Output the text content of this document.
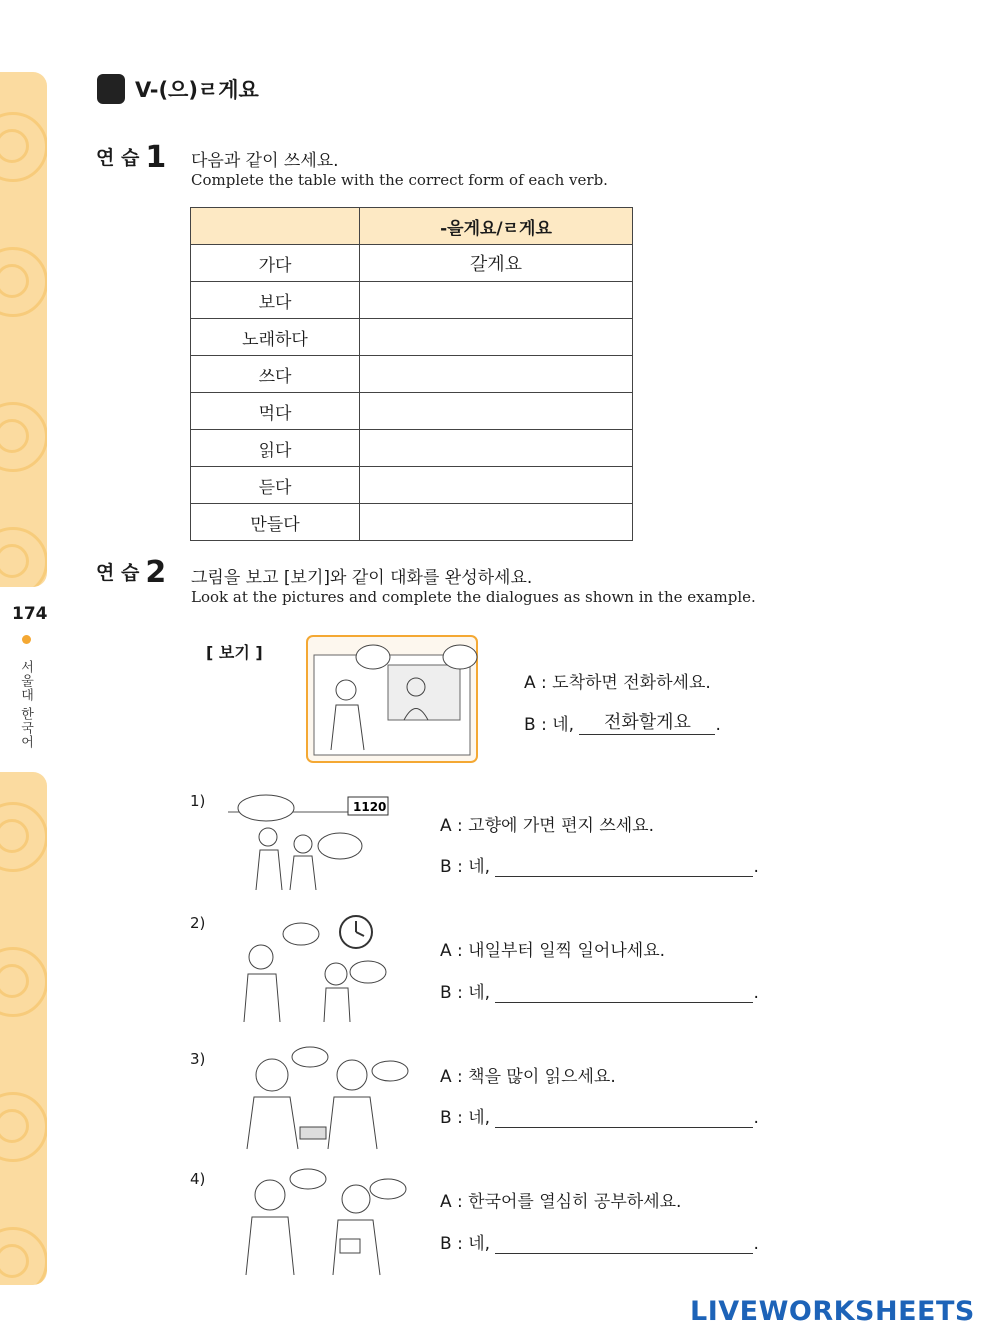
174
서울대 한국어
V-(으)ㄹ게요
연 습 1 다음과 같이 쓰세요.
Complete the table with the correct form of each verb.
	-을게요/ㄹ게요
가다	갈게요
보다	
노래하다	
쓰다	
먹다	
읽다	
듣다	
만들다	
연 습 2 그림을 보고 [보기]와 같이 대화를 완성하세요.
Look at the pictures and complete the dialogues as shown in the example.
[ 보기 ]
A : 도착하면 전화하세요.
B : 네, 전화할게요 .
1)	1120
A : 고향에 가면 편지 쓰세요.
B : 네,	.
2)
A : 내일부터 일찍 일어나세요.
B : 네,	.
3)
A : 책을 많이 읽으세요.
B : 네,	.
4)
A : 한국어를 열심히 공부하세요.
B : 네,	.
LIVEWORKSHEETS
